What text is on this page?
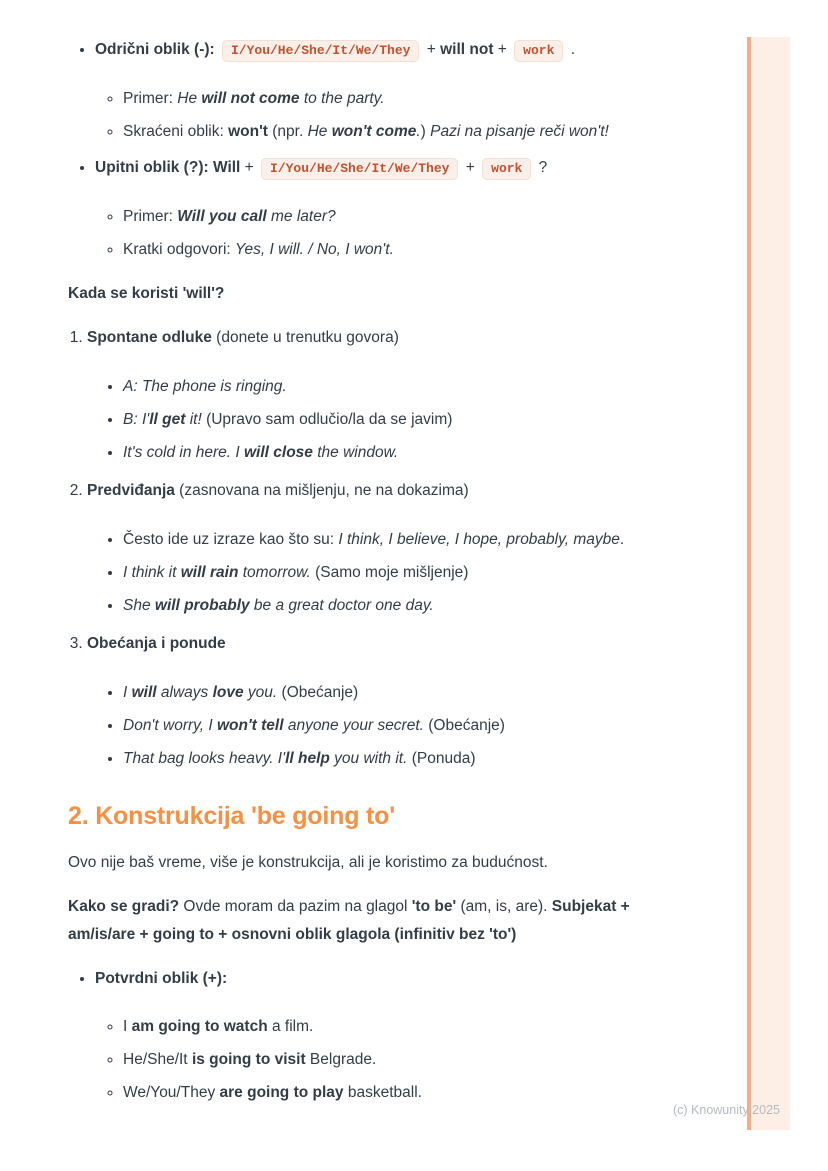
• Odrični oblik (-): I/You/He/She/It/We/They + will not + work .
◦ Primer: He will not come to the party.
◦ Skraćeni oblik: won't (npr. He won't come.) Pazi na pisanje reči won't!
• Upitni oblik (?): Will + I/You/He/She/It/We/They + work ?
◦ Primer: Will you call me later?
◦ Kratki odgovori: Yes, I will. / No, I won't.

Kada se koristi 'will'?

1. Spontane odluke (donete u trenutku govora)
• A: The phone is ringing.
• B: I'll get it! (Upravo sam odlučio/la da se javim)
• It's cold in here. I will close the window.
2. Predviđanja (zasnovana na mišljenju, ne na dokazima)
• Često ide uz izraze kao što su: I think, I believe, I hope, probably, maybe.
• I think it will rain tomorrow. (Samo moje mišljenje)
• She will probably be a great doctor one day.
3. Obećanja i ponude
• I will always love you. (Obećanje)
• Don't worry, I won't tell anyone your secret. (Obećanje)
• That bag looks heavy. I'll help you with it. (Ponuda)
2. Konstrukcija 'be going to'

Ovo nije baš vreme, više je konstrukcija, ali je koristimo za budućnost.

Kako se gradi? Ovde moram da pazim na glagol 'to be' (am, is, are). Subjekat + am/is/are + going to + osnovni oblik glagola (infinitiv bez 'to')

• Potvrdni oblik (+):
◦ I am going to watch a film.
◦ He/She/It is going to visit Belgrade.
◦ We/You/They are going to play basketball.
(c) Knowunity 2025
